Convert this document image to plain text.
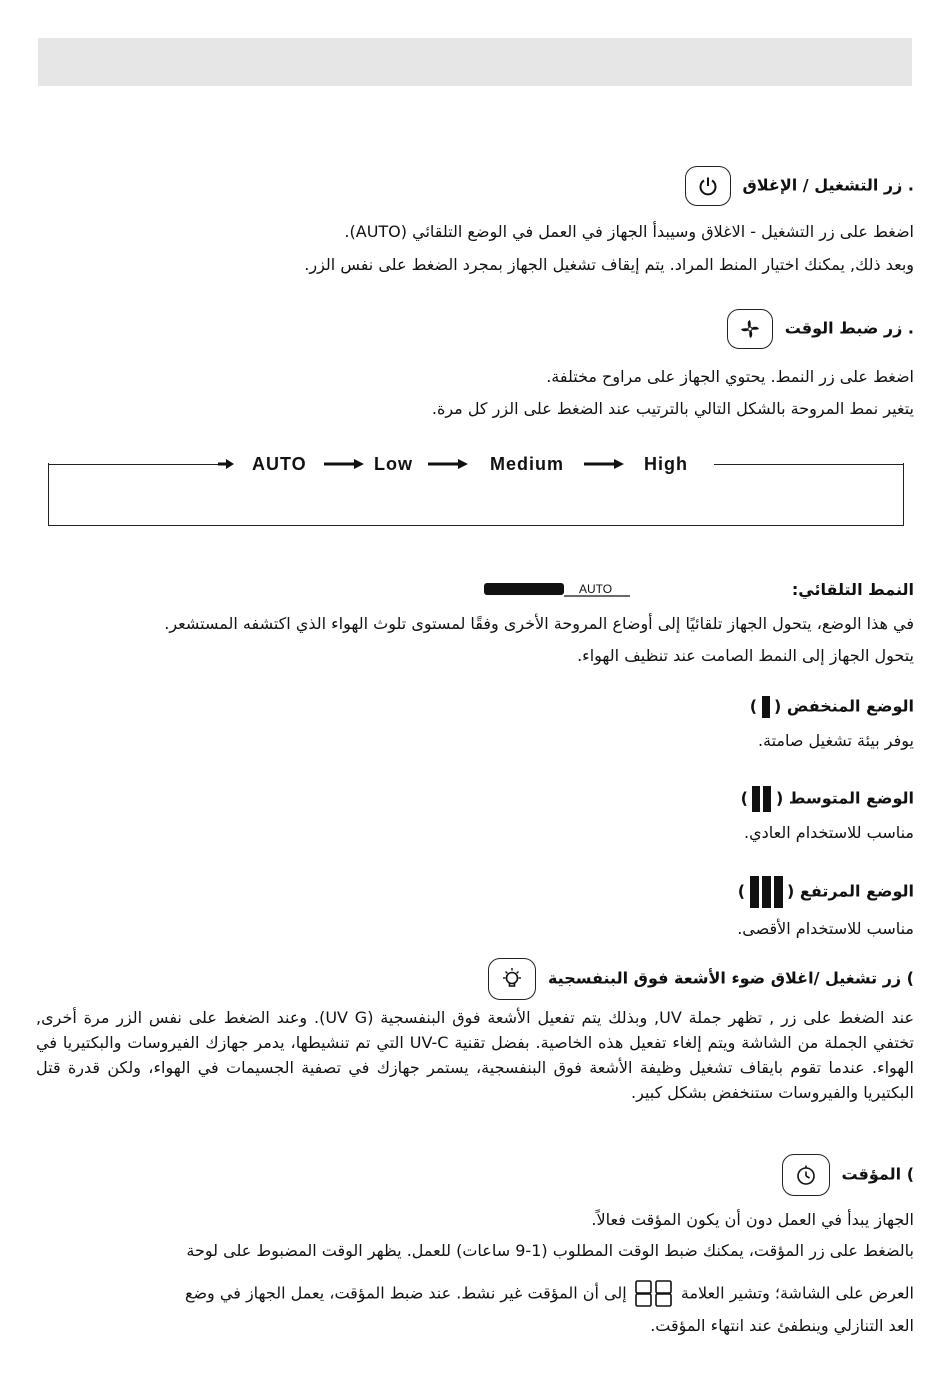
. زر التشغيل / الإغلاق
اضغط على زر التشغيل - الاغلاق وسيبدأ الجهاز في العمل في الوضع التلقائي (AUTO).
وبعد ذلك, يمكنك اختيار المنط المراد. يتم إيقاف تشغيل الجهاز بمجرد الضغط على نفس الزر.
. زر ضبط الوقت
اضغط على زر النمط. يحتوي الجهاز على مراوح مختلفة.
يتغير نمط المروحة بالشكل التالي بالترتيب عند الضغط على الزر كل مرة.
AUTO	Low	Medium	High
النمط التلقائي:
AUTO
في هذا الوضع، يتحول الجهاز تلقائيًا إلى أوضاع المروحة الأخرى وفقًا لمستوى تلوث الهواء الذي اكتشفه المستشعر.
يتحول الجهاز إلى النمط الصامت عند تنظيف الهواء.
الوضع المنخفض ()
يوفر بيئة تشغيل صامتة.
الوضع المتوسط ()
مناسب للاستخدام العادي.
الوضع المرتفع ()
مناسب للاستخدام الأقصى.
) زر تشغيل /اغلاق ضوء الأشعة فوق البنفسجية
عند الضغط على زر , تظهر جملة UV, وبذلك يتم تفعيل الأشعة فوق البنفسجية (UV G). وعند الضغط على نفس الزر مرة أخرى, تختفي الجملة من الشاشة ويتم إلغاء تفعيل هذه الخاصية. بفضل تقنية UV-C التي تم تنشيطها، يدمر جهازك الفيروسات والبكتيريا في الهواء. عندما تقوم بايقاف تشغيل وظيفة الأشعة فوق البنفسجية، يستمر جهازك في تصفية الجسيمات في الهواء، ولكن قدرة قتل البكتيريا والفيروسات ستنخفض بشكل كبير.
) المؤقت
الجهاز يبدأ في العمل دون أن يكون المؤقت فعالاً.
بالضغط على زر المؤقت، يمكنك ضبط الوقت المطلوب (1-9 ساعات) للعمل. يظهر الوقت المضبوط على لوحة
العرض على الشاشة؛ وتشير العلامة  إلى أن المؤقت غير نشط. عند ضبط المؤقت، يعمل الجهاز في وضع
العد التنازلي وينطفئ عند انتهاء المؤقت.
